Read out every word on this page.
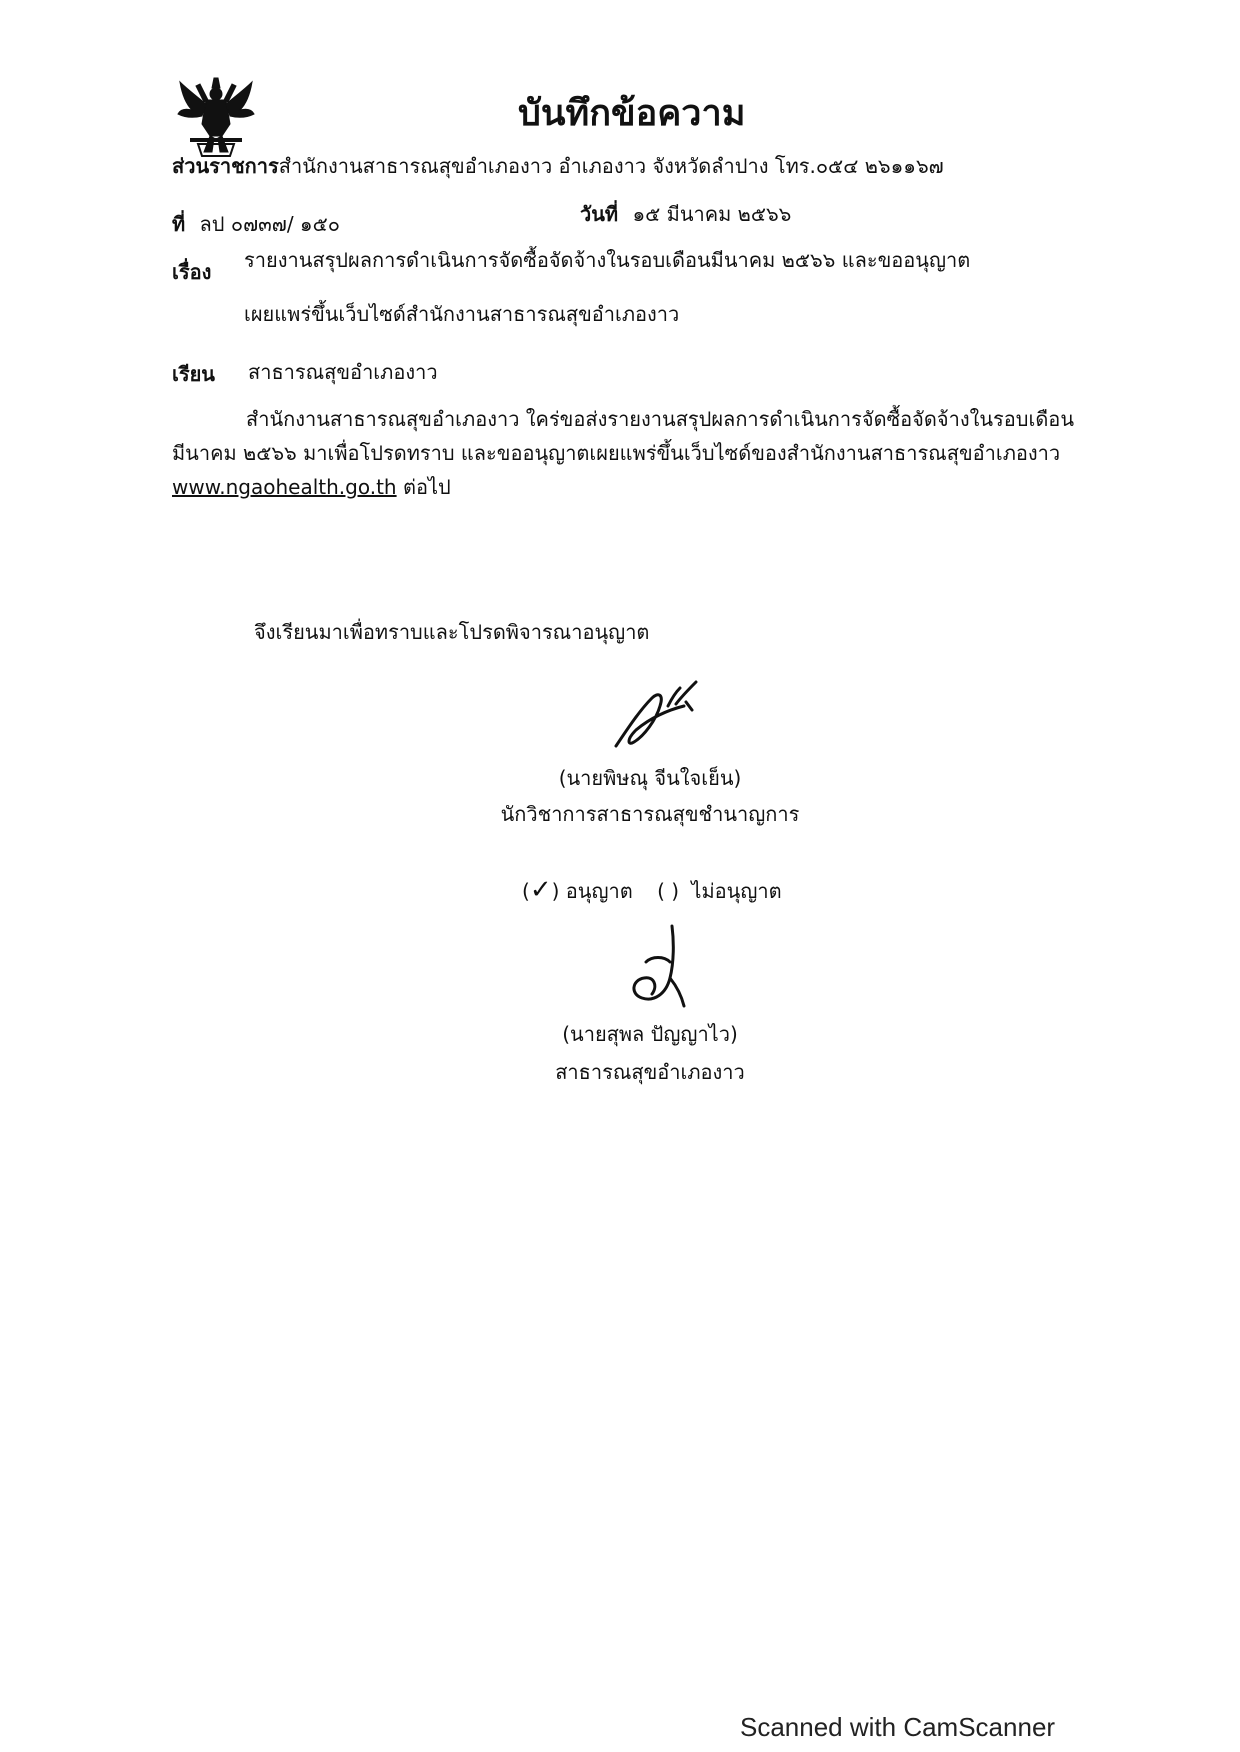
บันทึกข้อความ
ส่วนราชการสำนักงานสาธารณสุขอำเภองาว อำเภองาว จังหวัดลำปาง โทร.๐๕๔ ๒๖๑๑๖๗
ที่ ลป ๐๗๓๗/ ๑๕๐	วันที่ ๑๕ มีนาคม ๒๕๖๖
เรื่อง รายงานสรุปผลการดำเนินการจัดซื้อจัดจ้างในรอบเดือนมีนาคม ๒๕๖๖ และขออนุญาต
เผยแพร่ขึ้นเว็บไซด์สำนักงานสาธารณสุขอำเภองาว
เรียน สาธารณสุขอำเภองาว
สำนักงานสาธารณสุขอำเภองาว ใคร่ขอส่งรายงานสรุปผลการดำเนินการจัดซื้อจัดจ้างในรอบเดือน มีนาคม ๒๕๖๖ มาเพื่อโปรดทราบ และขออนุญาตเผยแพร่ขึ้นเว็บไซด์ของสำนักงานสาธารณสุขอำเภองาว www.ngaohealth.go.th ต่อไป
จึงเรียนมาเพื่อทราบและโปรดพิจารณาอนุญาต
(นายพิษณุ จีนใจเย็น)
นักวิชาการสาธารณสุขชำนาญการ
(✓) อนุญาต ( ) ไม่อนุญาต
(นายสุพล ปัญญาไว)
สาธารณสุขอำเภองาว
Scanned with CamScanner
